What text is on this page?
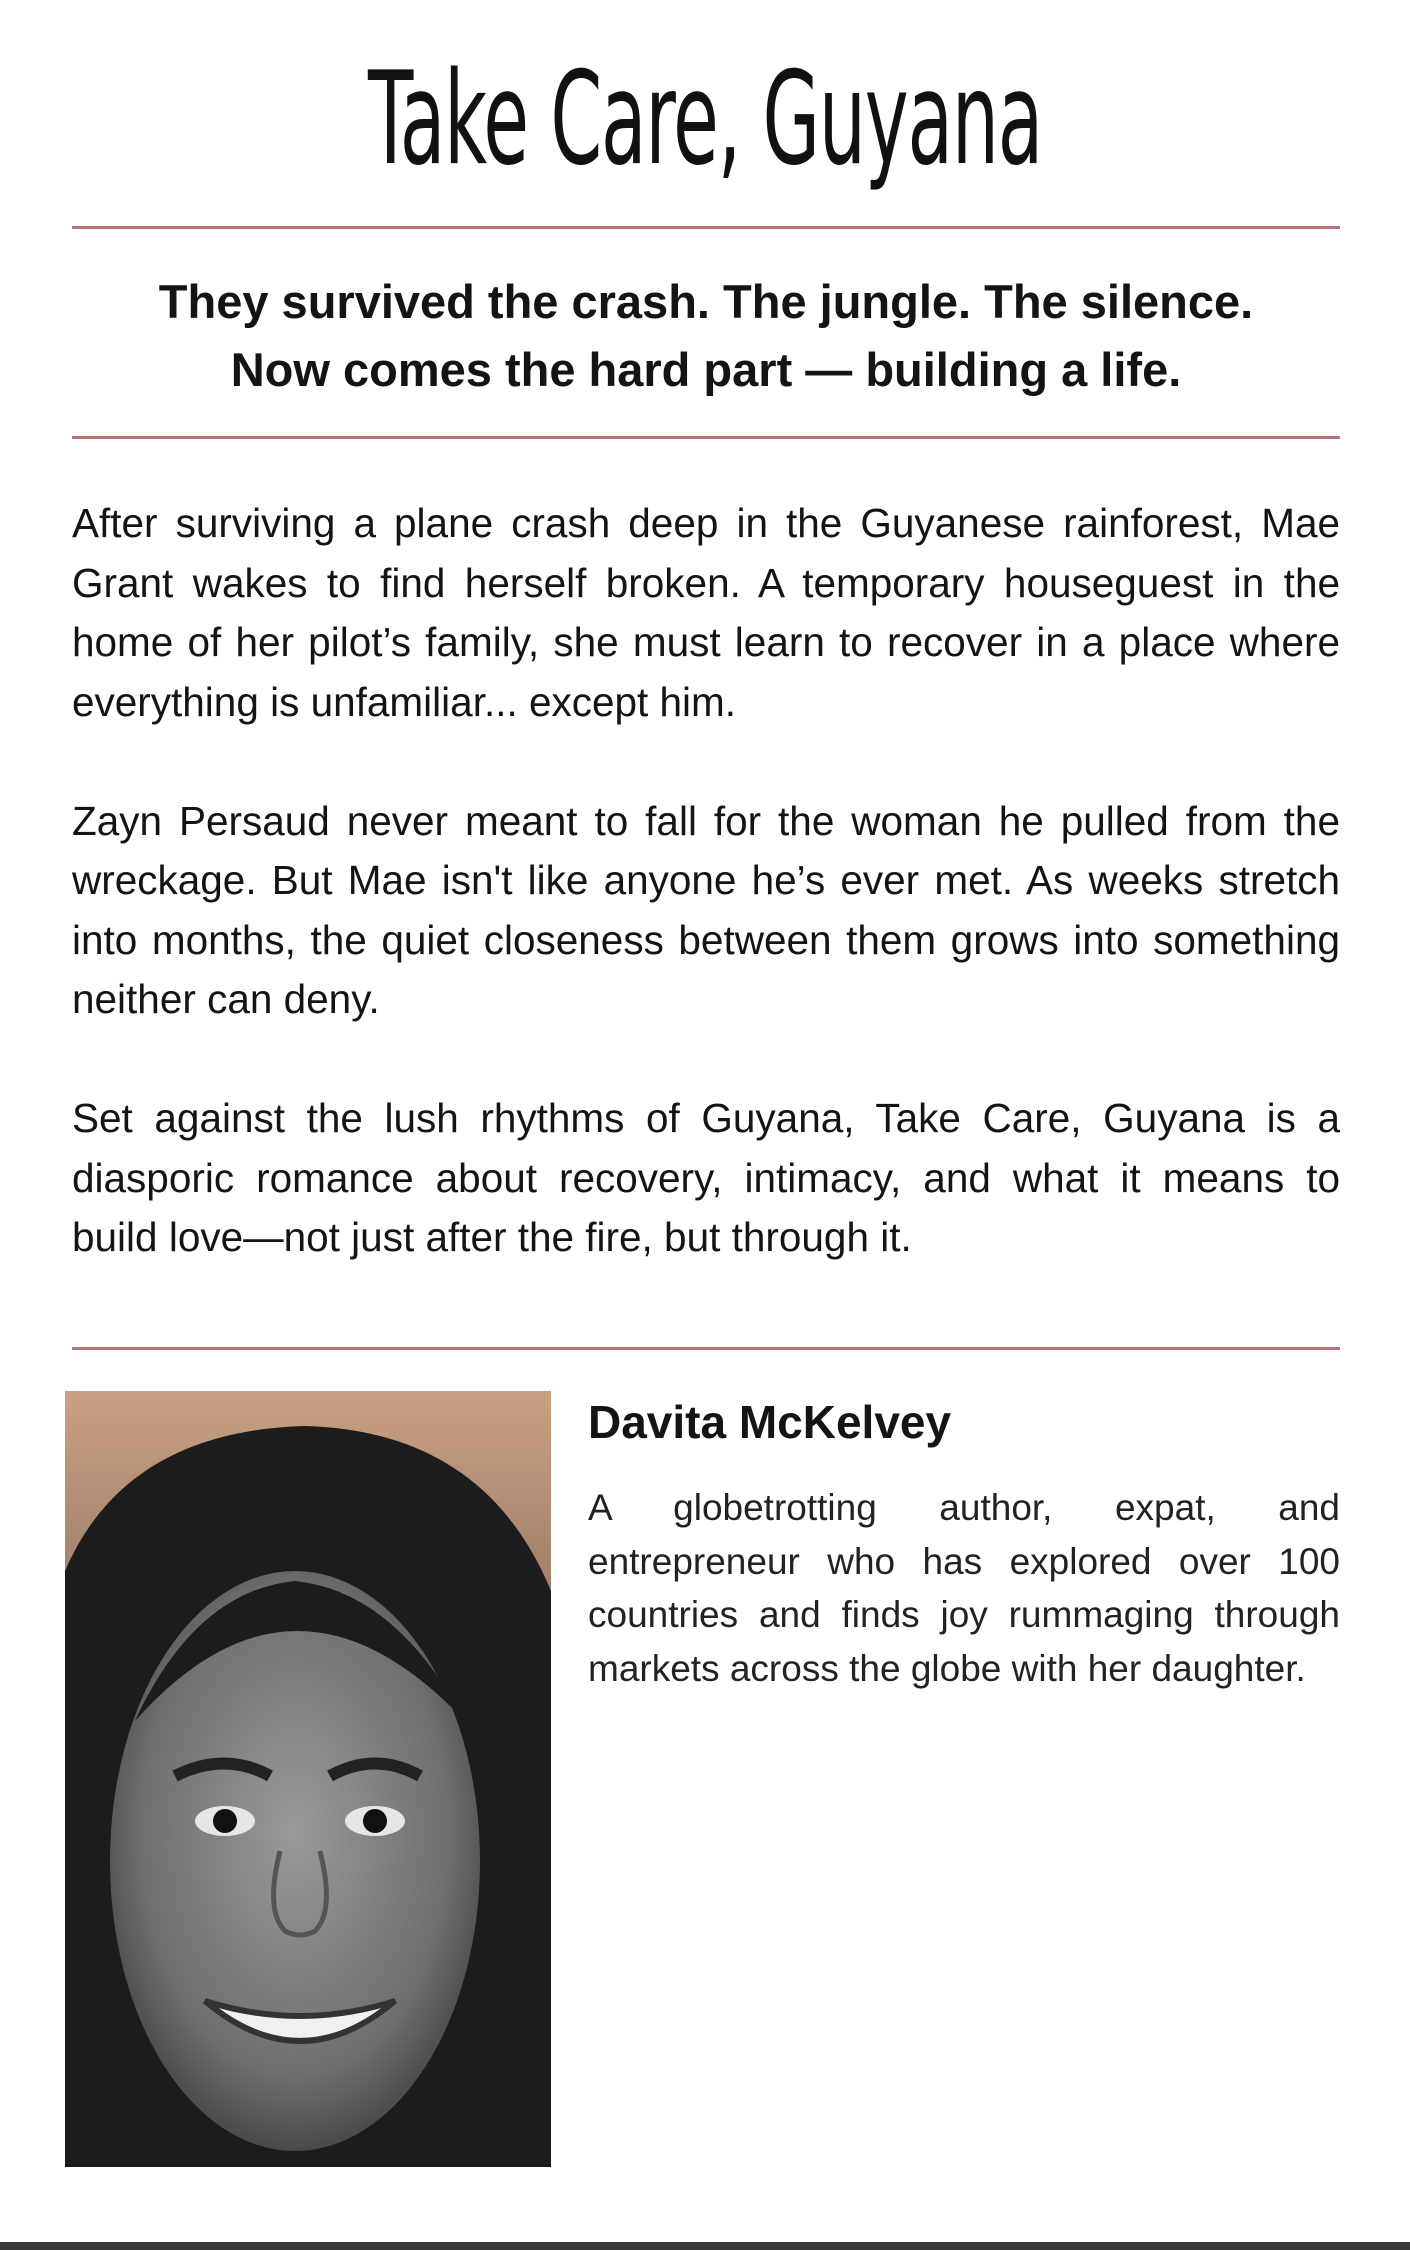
Take Care, Guyana
They survived the crash. The jungle. The silence.
Now comes the hard part — building a life.

After surviving a plane crash deep in the Guyanese rainforest, Mae Grant wakes to find herself broken. A temporary houseguest in the home of her pilot’s family, she must learn to recover in a place where everything is unfamiliar... except him.

Zayn Persaud never meant to fall for the woman he pulled from the wreckage. But Mae isn't like anyone he’s ever met. As weeks stretch into months, the quiet closeness between them grows into something neither can deny.

Set against the lush rhythms of Guyana, Take Care, Guyana is a diasporic romance about recovery, intimacy, and what it means to build love—not just after the fire, but through it.

Davita McKelvey
A globetrotting author, expat, and entrepreneur who has explored over 100 countries and finds joy rummaging through markets across the globe with her daughter.
